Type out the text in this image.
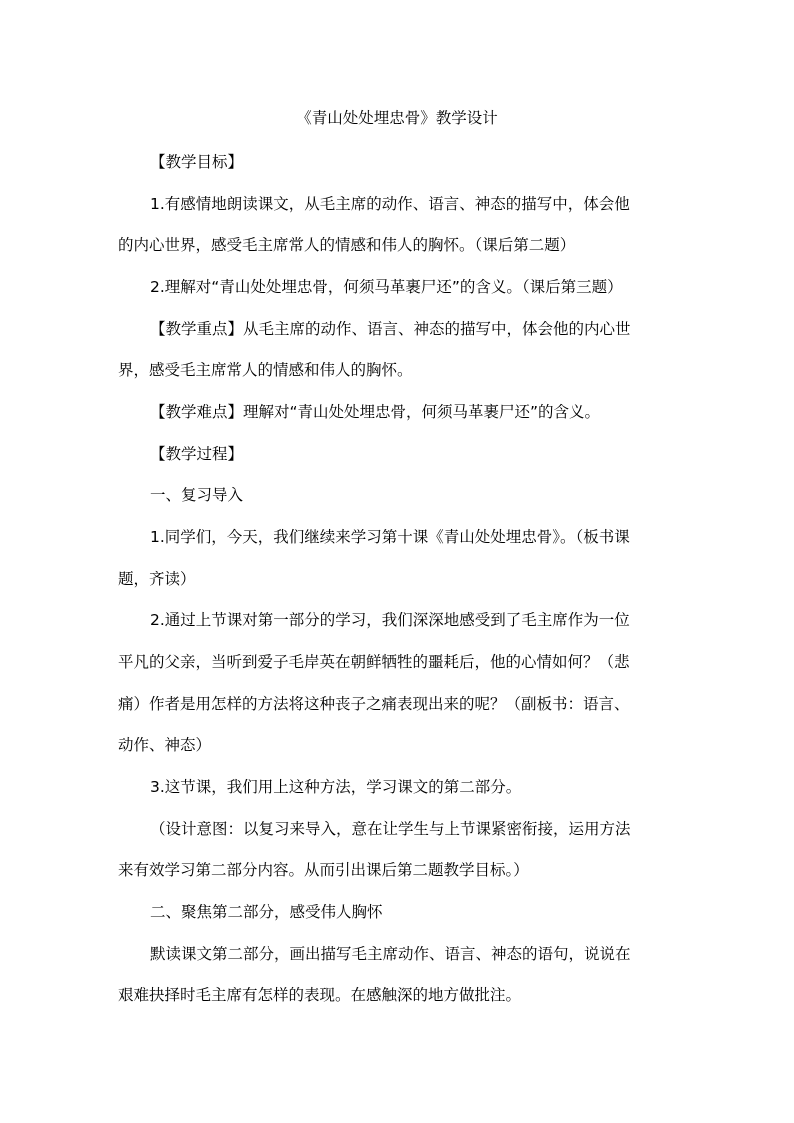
《青山处处埋忠骨》教学设计
【教学目标】
1.有感情地朗读课文，从毛主席的动作、语言、神态的描写中，体会他
的内心世界，感受毛主席常人的情感和伟人的胸怀。（课后第二题）
2.理解对“青山处处埋忠骨，何须马革裹尸还”的含义。（课后第三题）
【教学重点】从毛主席的动作、语言、神态的描写中，体会他的内心世
界，感受毛主席常人的情感和伟人的胸怀。
【教学难点】理解对“青山处处埋忠骨，何须马革裹尸还”的含义。
【教学过程】
一、复习导入
1.同学们，今天，我们继续来学习第十课《青山处处埋忠骨》。（板书课
题，齐读）
2.通过上节课对第一部分的学习，我们深深地感受到了毛主席作为一位
平凡的父亲，当听到爱子毛岸英在朝鲜牺牲的噩耗后，他的心情如何？（悲
痛）作者是用怎样的方法将这种丧子之痛表现出来的呢？（副板书：语言、
动作、神态）
3.这节课，我们用上这种方法，学习课文的第二部分。
（设计意图：以复习来导入，意在让学生与上节课紧密衔接，运用方法
来有效学习第二部分内容。从而引出课后第二题教学目标。）
二、聚焦第二部分，感受伟人胸怀
默读课文第二部分，画出描写毛主席动作、语言、神态的语句，说说在
艰难抉择时毛主席有怎样的表现。在感触深的地方做批注。
